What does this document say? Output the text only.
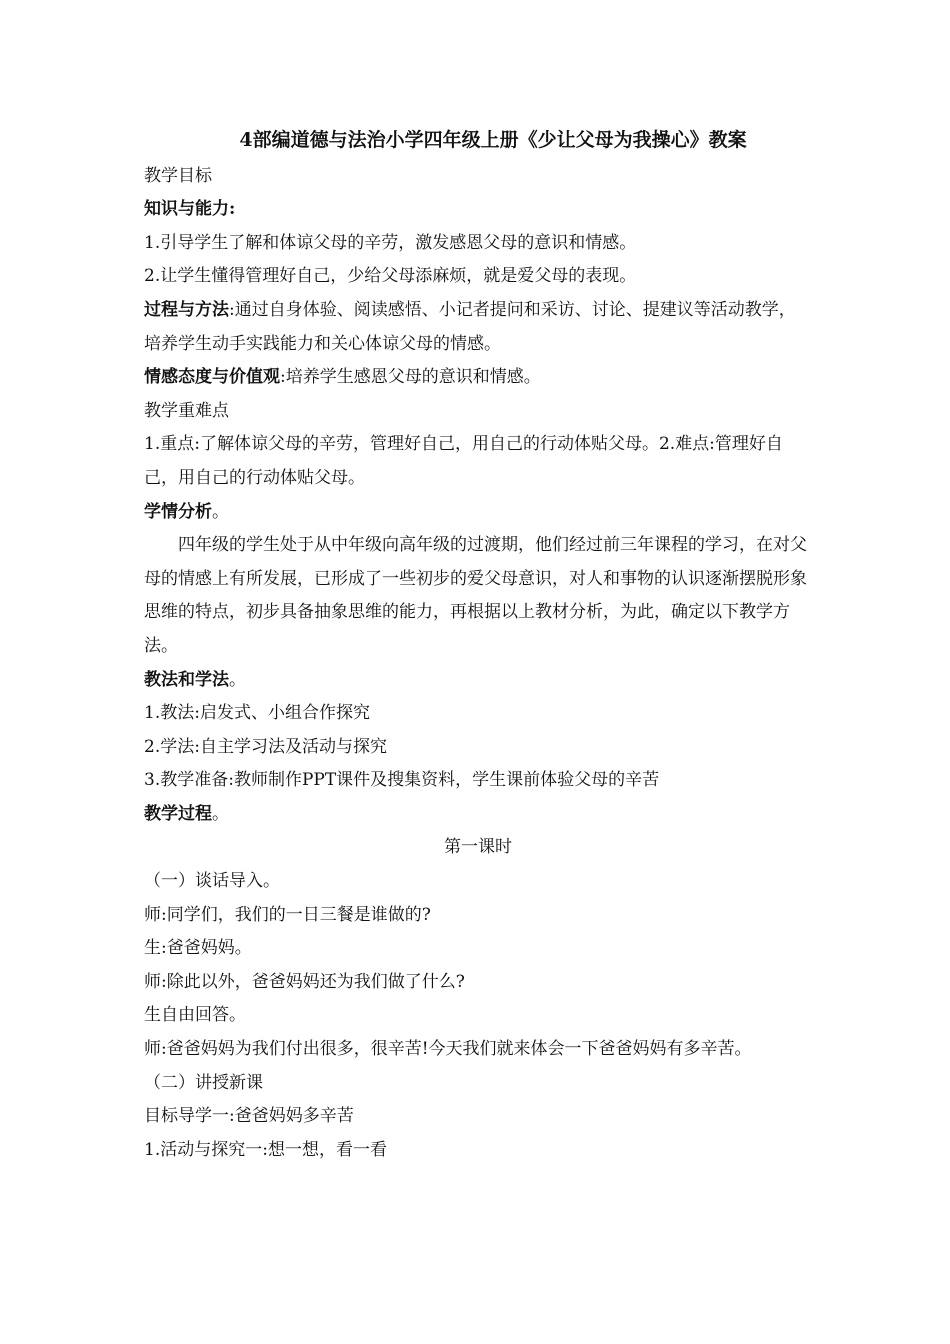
4部编道德与法治小学四年级上册《少让父母为我操心》教案

教学目标

知识与能力:

1.引导学生了解和体谅父母的辛劳，激发感恩父母的意识和情感。

2.让学生懂得管理好自己，少给父母添麻烦，就是爱父母的表现。

过程与方法:通过自身体验、阅读感悟、小记者提问和采访、讨论、提建议等活动教学，培养学生动手实践能力和关心体谅父母的情感。

情感态度与价值观:培养学生感恩父母的意识和情感。

教学重难点

1.重点:了解体谅父母的辛劳，管理好自己，用自己的行动体贴父母。2.难点:管理好自己，用自己的行动体贴父母。

学情分析。

四年级的学生处于从中年级向高年级的过渡期，他们经过前三年课程的学习，在对父母的情感上有所发展，已形成了一些初步的爱父母意识，对人和事物的认识逐渐摆脱形象思维的特点，初步具备抽象思维的能力，再根据以上教材分析，为此，确定以下教学方法。

教法和学法。

1.教法:启发式、小组合作探究

2.学法:自主学习法及活动与探究

3.教学准备:教师制作PPT课件及搜集资料，学生课前体验父母的辛苦

教学过程。

第一课时

（一）谈话导入。

师:同学们，我们的一日三餐是谁做的?

生:爸爸妈妈。

师:除此以外，爸爸妈妈还为我们做了什么?

生自由回答。

师:爸爸妈妈为我们付出很多，很辛苦!今天我们就来体会一下爸爸妈妈有多辛苦。

（二）讲授新课

目标导学一:爸爸妈妈多辛苦

1.活动与探究一:想一想，看一看
